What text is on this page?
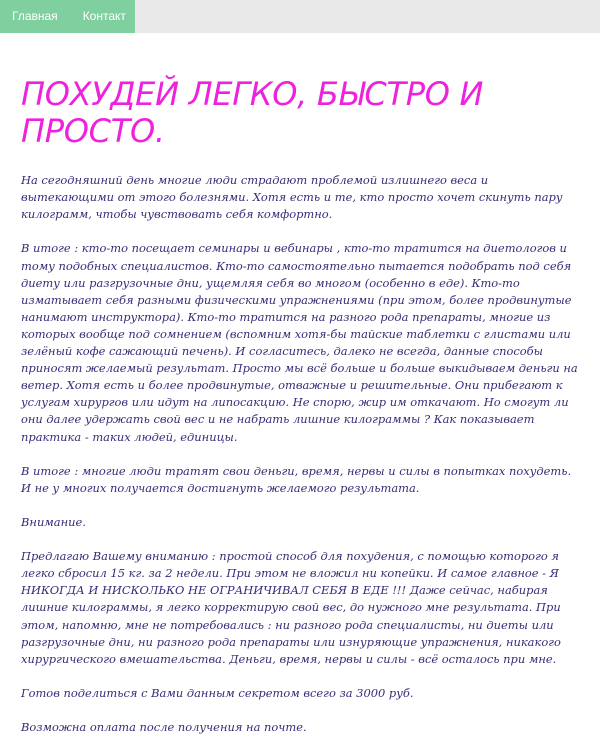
Главная	Контакт
ПОХУДЕЙ ЛЕГКО, БЫСТРО И ПРОСТО.

На сегодняшний день многие люди страдают проблемой излишнего веса и вытекающими от этого болезнями. Хотя есть и те, кто просто хочет скинуть пару килограмм, чтобы чувствовать себя комфортно.

В итоге : кто-то посещает семинары и вебинары , кто-то тратится на диетологов и тому подобных специалистов. Кто-то самостоятельно пытается подобрать под себя диету или разгрузочные дни, ущемляя себя во многом (особенно в еде). Кто-то изматывает себя разными физическими упражнениями (при этом, более продвинутые нанимают инструктора). Кто-то тратится на разного рода препараты, многие из которых вообще под сомнением (вспомним хотя-бы тайские таблетки с глистами или зелёный кофе сажающий печень). И согласитесь, далеко не всегда, данные способы приносят желаемый результат. Просто мы всё больше и больше выкидываем деньги на ветер. Хотя есть и более продвинутые, отважные и решительные. Они прибегают к услугам хирургов или идут на липосакцию. Не спорю, жир им откачают. Но смогут ли они далее удержать свой вес и не набрать лишние килограммы ? Как показывает практика - таких людей, единицы.

В итоге : многие люди тратят свои деньги, время, нервы и силы в попытках похудеть. И не у многих получается достигнуть желаемого результата.

Внимание.

Предлагаю Вашему вниманию : простой способ для похудения, с помощью которого я легко сбросил 15 кг. за 2 недели. При этом не вложил ни копейки. И самое главное - Я НИКОГДА И НИСКОЛЬКО НЕ ОГРАНИЧИВАЛ СЕБЯ В ЕДЕ !!! Даже сейчас, набирая лишние килограммы, я легко корректирую свой вес, до нужного мне результата. При этом, напомню, мне не потребовались : ни разного рода специалисты, ни диеты или разгрузочные дни, ни разного рода препараты или изнуряющие упражнения, никакого хирургического вмешательства. Деньги, время, нервы и силы - всё осталось при мне.

Готов поделиться с Вами данным секретом всего за 3000 руб.

Возможна оплата после получения на почте.
